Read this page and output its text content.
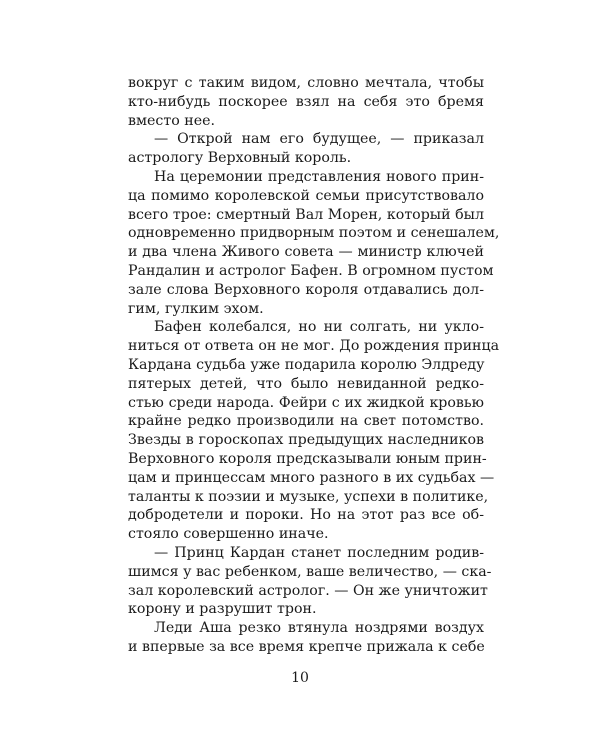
вокруг с таким видом, словно мечтала, чтобы
кто-нибудь поскорее взял на себя это бремя
вместо нее.
— Открой нам его будущее, — приказал
астрологу Верховный король.
На церемонии представления нового прин-
ца помимо королевской семьи присутствовало
всего трое: смертный Вал Морен, который был
одновременно придворным поэтом и сенешалем,
и два члена Живого совета — министр ключей
Рандалин и астролог Бафен. В огромном пустом
зале слова Верховного короля отдавались дол-
гим, гулким эхом.
Бафен колебался, но ни солгать, ни укло-
ниться от ответа он не мог. До рождения принца
Кардана судьба уже подарила королю Элдреду
пятерых детей, что было невиданной редко-
стью среди народа. Фейри с их жидкой кровью
крайне редко производили на свет потомство.
Звезды в гороскопах предыдущих наследников
Верховного короля предсказывали юным прин-
цам и принцессам много разного в их судьбах —
таланты к поэзии и музыке, успехи в политике,
добродетели и пороки. Но на этот раз все об-
стояло совершенно иначе.
— Принц Кардан станет последним родив-
шимся у вас ребенком, ваше величество, — ска-
зал королевский астролог. — Он же уничтожит
корону и разрушит трон.
Леди Аша резко втянула ноздрями воздух
и впервые за все время крепче прижала к себе
10
